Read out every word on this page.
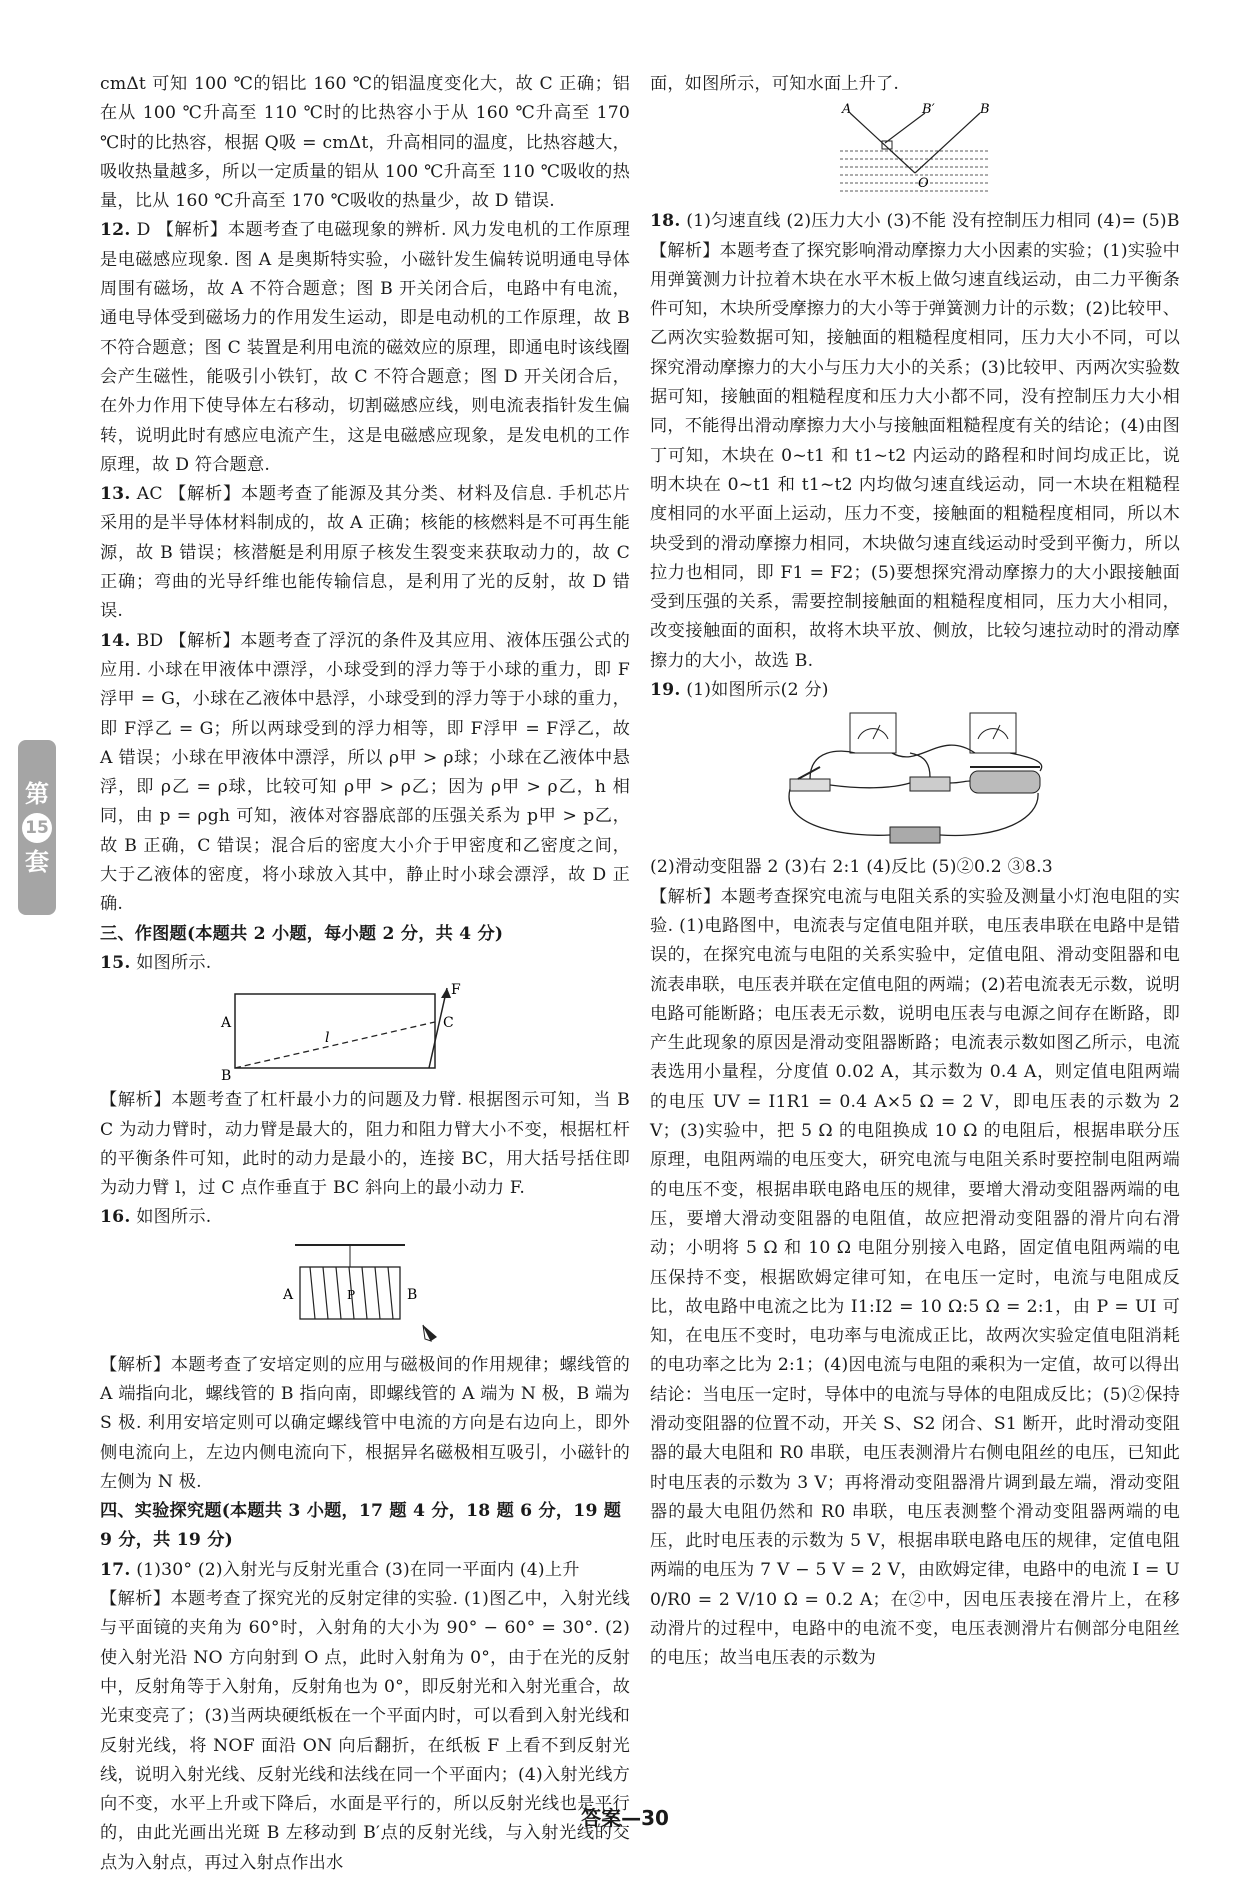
第
15
套

cmΔt 可知 100 ℃的铝比 160 ℃的铝温度变化大，故 C 正确；铝在从 100 ℃升高至 110 ℃时的比热容小于从 160 ℃升高至 170 ℃时的比热容，根据 Q吸 = cmΔt，升高相同的温度，比热容越大，吸收热量越多，所以一定质量的铝从 100 ℃升高至 110 ℃吸收的热量，比从 160 ℃升高至 170 ℃吸收的热量少，故 D 错误.

12. D 【解析】本题考查了电磁现象的辨析. 风力发电机的工作原理是电磁感应现象. 图 A 是奥斯特实验，小磁针发生偏转说明通电导体周围有磁场，故 A 不符合题意；图 B 开关闭合后，电路中有电流，通电导体受到磁场力的作用发生运动，即是电动机的工作原理，故 B 不符合题意；图 C 装置是利用电流的磁效应的原理，即通电时该线圈会产生磁性，能吸引小铁钉，故 C 不符合题意；图 D 开关闭合后，在外力作用下使导体左右移动，切割磁感应线，则电流表指针发生偏转，说明此时有感应电流产生，这是电磁感应现象，是发电机的工作原理，故 D 符合题意.

13. AC 【解析】本题考查了能源及其分类、材料及信息. 手机芯片采用的是半导体材料制成的，故 A 正确；核能的核燃料是不可再生能源，故 B 错误；核潜艇是利用原子核发生裂变来获取动力的，故 C 正确；弯曲的光导纤维也能传输信息，是利用了光的反射，故 D 错误.

14. BD 【解析】本题考查了浮沉的条件及其应用、液体压强公式的应用. 小球在甲液体中漂浮，小球受到的浮力等于小球的重力，即 F浮甲 = G，小球在乙液体中悬浮，小球受到的浮力等于小球的重力，即 F浮乙 = G；所以两球受到的浮力相等，即 F浮甲 = F浮乙，故 A 错误；小球在甲液体中漂浮，所以 ρ甲 > ρ球；小球在乙液体中悬浮，即 ρ乙 = ρ球，比较可知 ρ甲 > ρ乙；因为 ρ甲 > ρ乙，h 相同，由 p = ρgh 可知，液体对容器底部的压强关系为 p甲 > p乙，故 B 正确，C 错误；混合后的密度大小介于甲密度和乙密度之间，大于乙液体的密度，将小球放入其中，静止时小球会漂浮，故 D 正确.

三、作图题(本题共 2 小题，每小题 2 分，共 4 分)

15. 如图所示.

A
B
C
F
l

【解析】本题考查了杠杆最小力的问题及力臂. 根据图示可知，当 BC 为动力臂时，动力臂是最大的，阻力和阻力臂大小不变，根据杠杆的平衡条件可知，此时的动力是最小的，连接 BC，用大括号括住即为动力臂 l，过 C 点作垂直于 BC 斜向上的最小动力 F.

16. 如图所示.

A	B
P

【解析】本题考查了安培定则的应用与磁极间的作用规律；螺线管的 A 端指向北，螺线管的 B 指向南，即螺线管的 A 端为 N 极，B 端为 S 极. 利用安培定则可以确定螺线管中电流的方向是右边向上，即外侧电流向上，左边内侧电流向下，根据异名磁极相互吸引，小磁针的左侧为 N 极.

四、实验探究题(本题共 3 小题，17 题 4 分，18 题 6 分，19 题 9 分，共 19 分)

17. (1)30° (2)入射光与反射光重合 (3)在同一平面内 (4)上升

【解析】本题考查了探究光的反射定律的实验. (1)图乙中，入射光线与平面镜的夹角为 60°时，入射角的大小为 90° − 60° = 30°. (2)使入射光沿 NO 方向射到 O 点，此时入射角为 0°，由于在光的反射中，反射角等于入射角，反射角也为 0°，即反射光和入射光重合，故光束变亮了；(3)当两块硬纸板在一个平面内时，可以看到入射光线和反射光线，将 NOF 面沿 ON 向后翻折，在纸板 F 上看不到反射光线，说明入射光线、反射光线和法线在同一个平面内；(4)入射光线方向不变，水平上升或下降后，水面是平行的，所以反射光线也是平行的，由此光画出光斑 B 左移动到 B′点的反射光线，与入射光线的交点为入射点，再过入射点作出水

面，如图所示，可知水面上升了.

A	B′	B
O

18. (1)匀速直线 (2)压力大小 (3)不能 没有控制压力相同 (4)= (5)B

【解析】本题考查了探究影响滑动摩擦力大小因素的实验；(1)实验中用弹簧测力计拉着木块在水平木板上做匀速直线运动，由二力平衡条件可知，木块所受摩擦力的大小等于弹簧测力计的示数；(2)比较甲、乙两次实验数据可知，接触面的粗糙程度相同，压力大小不同，可以探究滑动摩擦力的大小与压力大小的关系；(3)比较甲、丙两次实验数据可知，接触面的粗糙程度和压力大小都不同，没有控制压力大小相同，不能得出滑动摩擦力大小与接触面粗糙程度有关的结论；(4)由图丁可知，木块在 0~t1 和 t1~t2 内运动的路程和时间均成正比，说明木块在 0~t1 和 t1~t2 内均做匀速直线运动，同一木块在粗糙程度相同的水平面上运动，压力不变，接触面的粗糙程度相同，所以木块受到的滑动摩擦力相同，木块做匀速直线运动时受到平衡力，所以拉力也相同，即 F1 = F2；(5)要想探究滑动摩擦力的大小跟接触面受到压强的关系，需要控制接触面的粗糙程度相同，压力大小相同，改变接触面的面积，故将木块平放、侧放，比较匀速拉动时的滑动摩擦力的大小，故选 B.

19. (1)如图所示(2 分)

(2)滑动变阻器 2 (3)右 2:1 (4)反比 (5)②0.2 ③8.3

【解析】本题考查探究电流与电阻关系的实验及测量小灯泡电阻的实验. (1)电路图中，电流表与定值电阻并联，电压表串联在电路中是错误的，在探究电流与电阻的关系实验中，定值电阻、滑动变阻器和电流表串联，电压表并联在定值电阻的两端；(2)若电流表无示数，说明电路可能断路；电压表无示数，说明电压表与电源之间存在断路，即产生此现象的原因是滑动变阻器断路；电流表示数如图乙所示，电流表选用小量程，分度值 0.02 A，其示数为 0.4 A，则定值电阻两端的电压 UV = I1R1 = 0.4 A×5 Ω = 2 V，即电压表的示数为 2 V；(3)实验中，把 5 Ω 的电阻换成 10 Ω 的电阻后，根据串联分压原理，电阻两端的电压变大，研究电流与电阻关系时要控制电阻两端的电压不变，根据串联电路电压的规律，要增大滑动变阻器两端的电压，要增大滑动变阻器的电阻值，故应把滑动变阻器的滑片向右滑动；小明将 5 Ω 和 10 Ω 电阻分别接入电路，固定值电阻两端的电压保持不变，根据欧姆定律可知，在电压一定时，电流与电阻成反比，故电路中电流之比为 I1:I2 = 10 Ω:5 Ω = 2:1，由 P = UI 可知，在电压不变时，电功率与电流成正比，故两次实验定值电阻消耗的电功率之比为 2:1；(4)因电流与电阻的乘积为一定值，故可以得出结论：当电压一定时，导体中的电流与导体的电阻成反比；(5)②保持滑动变阻器的位置不动，开关 S、S2 闭合、S1 断开，此时滑动变阻器的最大电阻和 R0 串联，电压表测滑片右侧电阻丝的电压，已知此时电压表的示数为 3 V；再将滑动变阻器滑片调到最左端，滑动变阻器的最大电阻仍然和 R0 串联，电压表测整个滑动变阻器两端的电压，此时电压表的示数为 5 V，根据串联电路电压的规律，定值电阻两端的电压为 7 V − 5 V = 2 V，由欧姆定律，电路中的电流 I = U0/R0 = 2 V/10 Ω = 0.2 A；在②中，因电压表接在滑片上，在移动滑片的过程中，电路中的电流不变，电压表测滑片右侧部分电阻丝的电压；故当电压表的示数为

答案—30
